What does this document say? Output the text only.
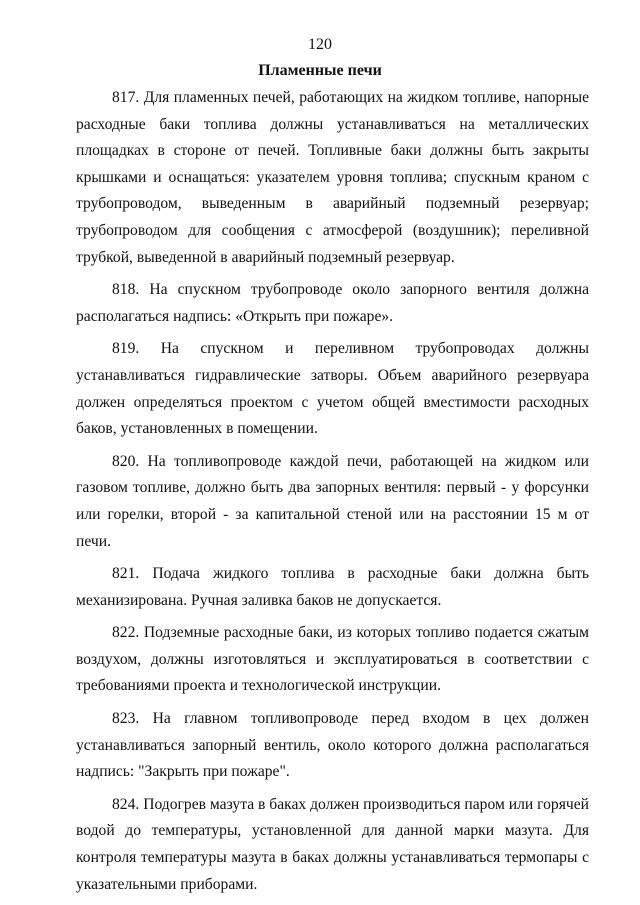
120
Пламенные печи

817. Для пламенных печей, работающих на жидком топливе, напорные расходные баки топлива должны устанавливаться на металлических площадках в стороне от печей. Топливные баки должны быть закрыты крышками и оснащаться: указателем уровня топлива; спускным краном с трубопроводом, выведенным в аварийный подземный резервуар; трубопроводом для сообщения с атмосферой (воздушник); переливной трубкой, выведенной в аварийный подземный резервуар.

818. На спускном трубопроводе около запорного вентиля должна располагаться надпись: «Открыть при пожаре».

819. На спускном и переливном трубопроводах должны устанавливаться гидравлические затворы. Объем аварийного резервуара должен определяться проектом с учетом общей вместимости расходных баков, установленных в помещении.

820. На топливопроводе каждой печи, работающей на жидком или газовом топливе, должно быть два запорных вентиля: первый - у форсунки или горелки, второй - за капитальной стеной или на расстоянии 15 м от печи.

821. Подача жидкого топлива в расходные баки должна быть механизирована. Ручная заливка баков не допускается.

822. Подземные расходные баки, из которых топливо подается сжатым воздухом, должны изготовляться и эксплуатироваться в соответствии с требованиями проекта и технологической инструкции.

823. На главном топливопроводе перед входом в цех должен устанавливаться запорный вентиль, около которого должна располагаться надпись: "Закрыть при пожаре".

824. Подогрев мазута в баках должен производиться паром или горячей водой до температуры, установленной для данной марки мазута. Для контроля температуры мазута в баках должны устанавливаться термопары с указательными приборами.
